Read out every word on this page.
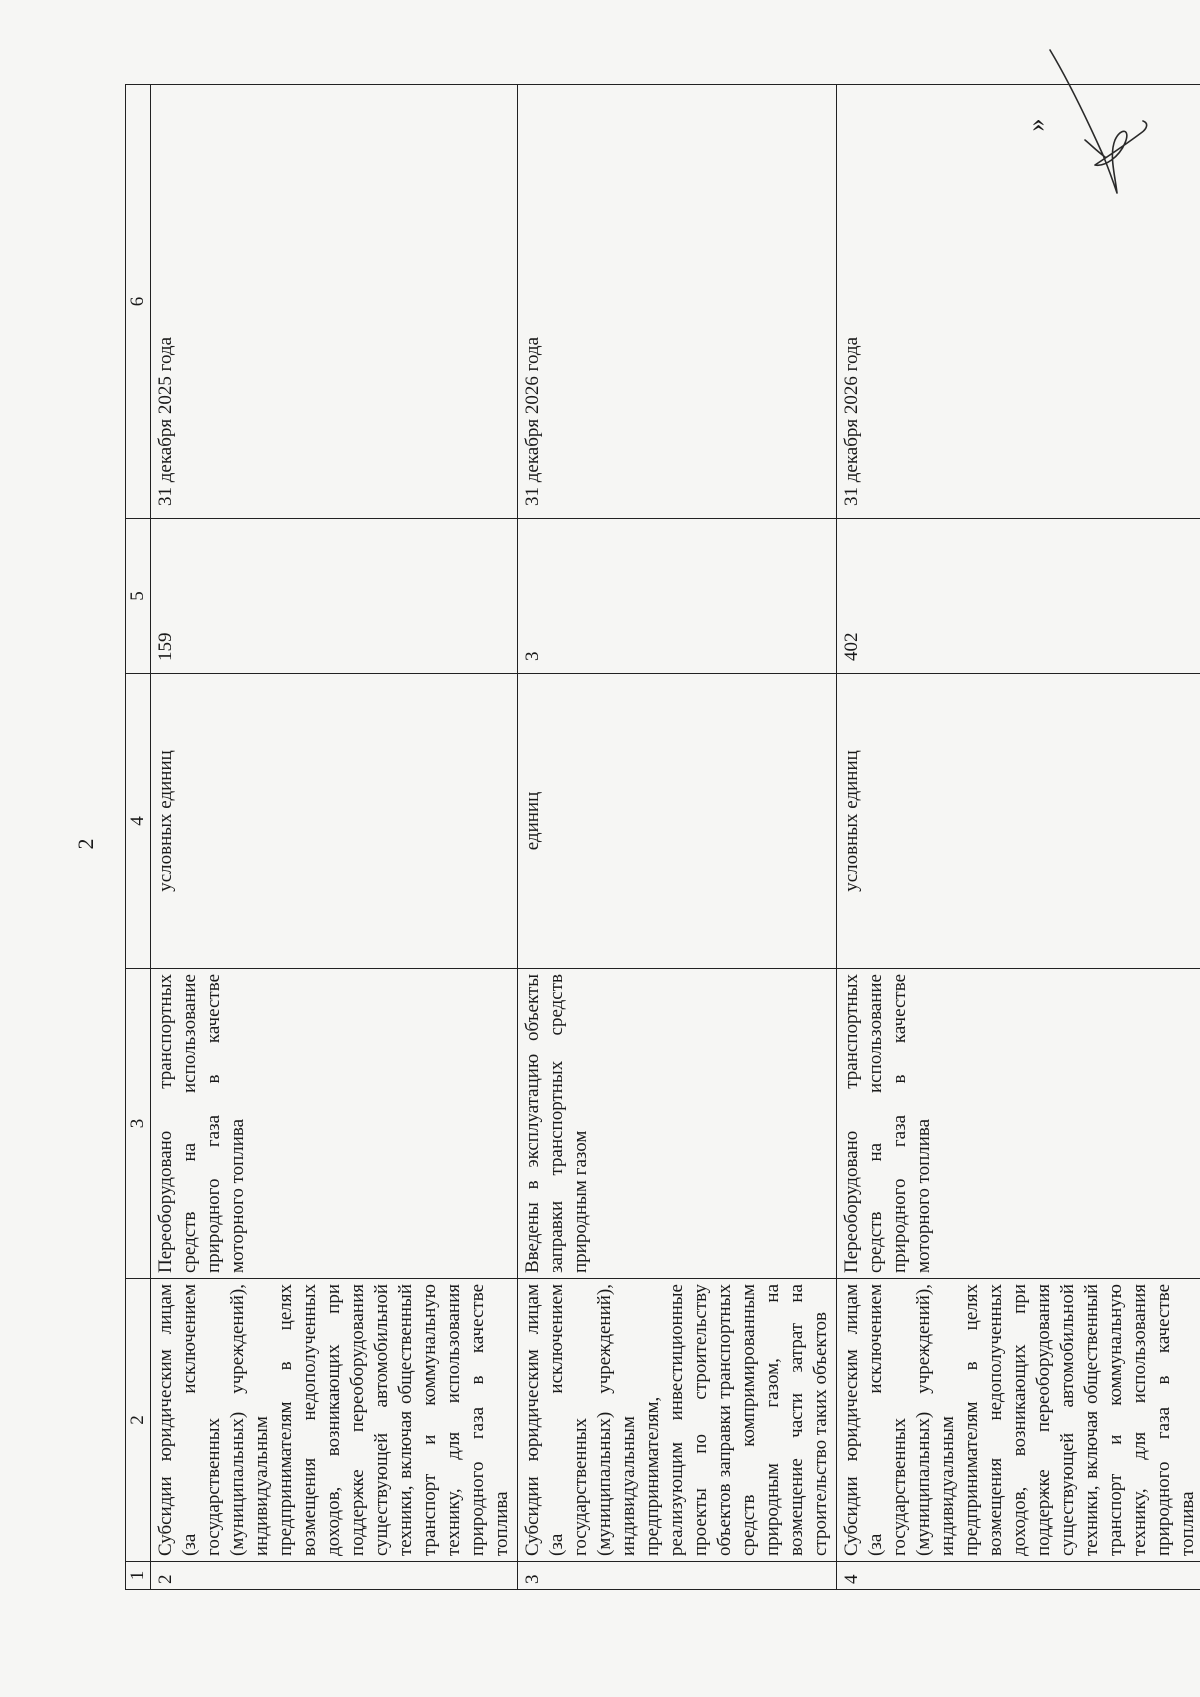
2
1	2	3	4	5	6
2	Субсидии юридическим лицам (за исключением государственных (муниципальных) учреждений), индивидуальным предпринимателям в целях возмещения недополученных доходов, возникающих при поддержке переоборудования существующей автомобильной техники, включая общественный транспорт и коммунальную технику, для использования природного газа в качестве топлива	Переоборудовано транспортных средств на использование природного газа в качестве моторного топлива	условных единиц	159	31 декабря 2025 года
3	Субсидии юридическим лицам (за исключением государственных (муниципальных) учреждений), индивидуальным предпринимателям, реализующим инвестиционные проекты по строительству объектов заправки транспортных средств компримированным природным газом, на возмещение части затрат на строительство таких объектов	Введены в эксплуатацию объекты заправки транспортных средств природным газом	единиц	3	31 декабря 2026 года
4	Субсидии юридическим лицам (за исключением государственных (муниципальных) учреждений), индивидуальным предпринимателям в целях возмещения недополученных доходов, возникающих при поддержке переоборудования существующей автомобильной техники, включая общественный транспорт и коммунальную технику, для использования природного газа в качестве топлива	Переоборудовано транспортных средств на использование природного газа в качестве моторного топлива	условных единиц	402	31 декабря 2026 года
»
